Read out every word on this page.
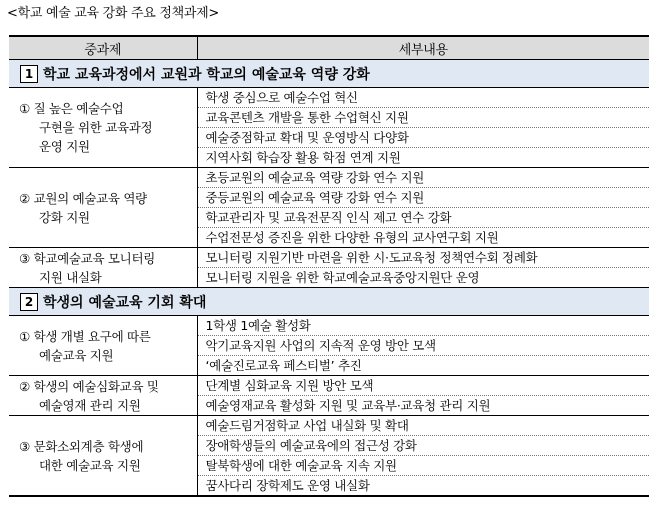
<학교 예술 교육 강화 주요 정책과제>
중과제	세부내용
1 학교 교육과정에서 교원과 학교의 예술교육 역량 강화	
① 질 높은 예술수업

구현을 위한 교육과정
운영 지원	학생 중심으로 예술수업 혁신
	교육콘텐츠 개발을 통한 수업혁신 지원
	예술중점학교 확대 및 운영방식 다양화
	지역사회 학습장 활용 학점 연계 지원
② 교원의 예술교육 역량

강화 지원	초등교원의 예술교육 역량 강화 연수 지원
	중등교원의 예술교육 역량 강화 연수 지원
	학교관리자 및 교육전문직 인식 제고 연수 강화
	수업전문성 증진을 위한 다양한 유형의 교사연구회 지원
③ 학교예술교육 모니터링

지원 내실화	모니터링 지원기반 마련을 위한 시·도교육청 정책연수회 정례화
	모니터링 지원을 위한 학교예술교육중앙지원단 운영
2 학생의 예술교육 기회 확대	
① 학생 개별 요구에 따른

예술교육 지원	1학생 1예술 활성화
	악기교육지원 사업의 지속적 운영 방안 모색
	‘예술진로교육 페스티벌’ 추진
② 학생의 예술심화교육 및

예술영재 관리 지원	단계별 심화교육 지원 방안 모색
	예술영재교육 활성화 지원 및 교육부·교육청 관리 지원
③ 문화소외계층 학생에

대한 예술교육 지원	예술드림거점학교 사업 내실화 및 확대
	장애학생들의 예술교육에의 접근성 강화
	탈북학생에 대한 예술교육 지속 지원
	꿈사다리 장학제도 운영 내실화
